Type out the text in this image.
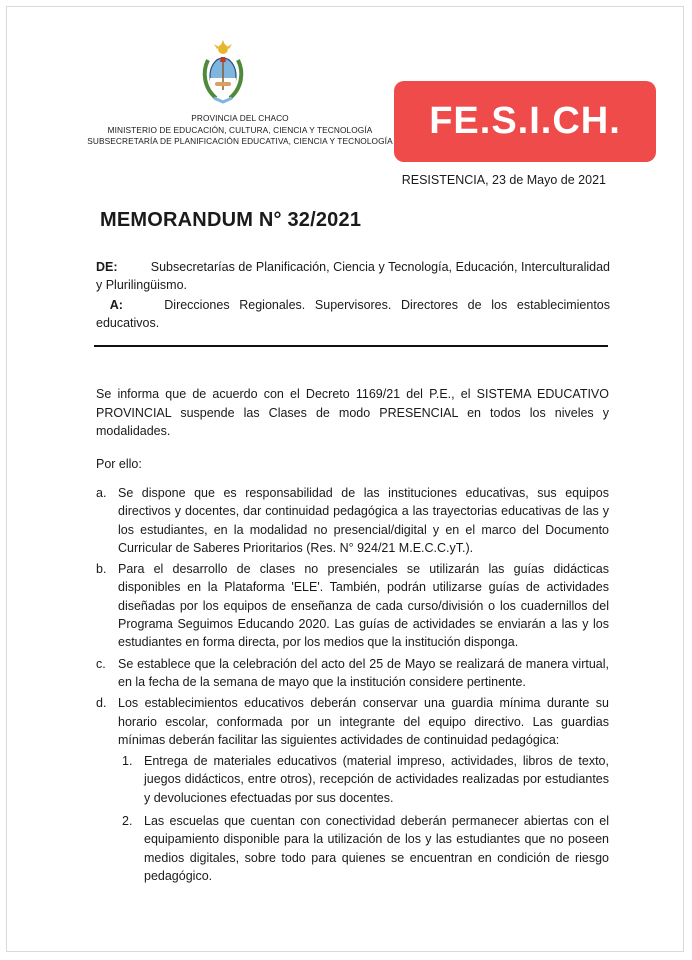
PROVINCIA DEL CHACO
MINISTERIO DE EDUCACIÓN, CULTURA, CIENCIA Y TECNOLOGÍA
SUBSECRETARÍA DE PLANIFICACIÓN EDUCATIVA, CIENCIA Y TECNOLOGÍA FE.S.I.CH.
RESISTENCIA, 23 de Mayo de 2021
MEMORANDUM N° 32/2021
DE:	Subsecretarías de Planificación, Ciencia y Tecnología, Educación, Interculturalidad y Plurilingüismo.
A:	Direcciones Regionales. Supervisores. Directores de los establecimientos educativos.
Se informa que de acuerdo con el Decreto 1169/21 del P.E., el SISTEMA EDUCATIVO PROVINCIAL suspende las Clases de modo PRESENCIAL en todos los niveles y modalidades.
Por ello:
a. Se dispone que es responsabilidad de las instituciones educativas, sus equipos directivos y docentes, dar continuidad pedagógica a las trayectorias educativas de las y los estudiantes, en la modalidad no presencial/digital y en el marco del Documento Curricular de Saberes Prioritarios (Res. N° 924/21 M.E.C.C.yT.).
b. Para el desarrollo de clases no presenciales se utilizarán las guías didácticas disponibles en la Plataforma 'ELE'. También, podrán utilizarse guías de actividades diseñadas por los equipos de enseñanza de cada curso/división o los cuadernillos del Programa Seguimos Educando 2020. Las guías de actividades se enviarán a las y los estudiantes en forma directa, por los medios que la institución disponga.
c. Se establece que la celebración del acto del 25 de Mayo se realizará de manera virtual, en la fecha de la semana de mayo que la institución considere pertinente.
d. Los establecimientos educativos deberán conservar una guardia mínima durante su horario escolar, conformada por un integrante del equipo directivo. Las guardias mínimas deberán facilitar las siguientes actividades de continuidad pedagógica:
1. Entrega de materiales educativos (material impreso, actividades, libros de texto, juegos didácticos, entre otros), recepción de actividades realizadas por estudiantes y devoluciones efectuadas por sus docentes.
2. Las escuelas que cuentan con conectividad deberán permanecer abiertas con el equipamiento disponible para la utilización de los y las estudiantes que no poseen medios digitales, sobre todo para quienes se encuentran en condición de riesgo pedagógico.
